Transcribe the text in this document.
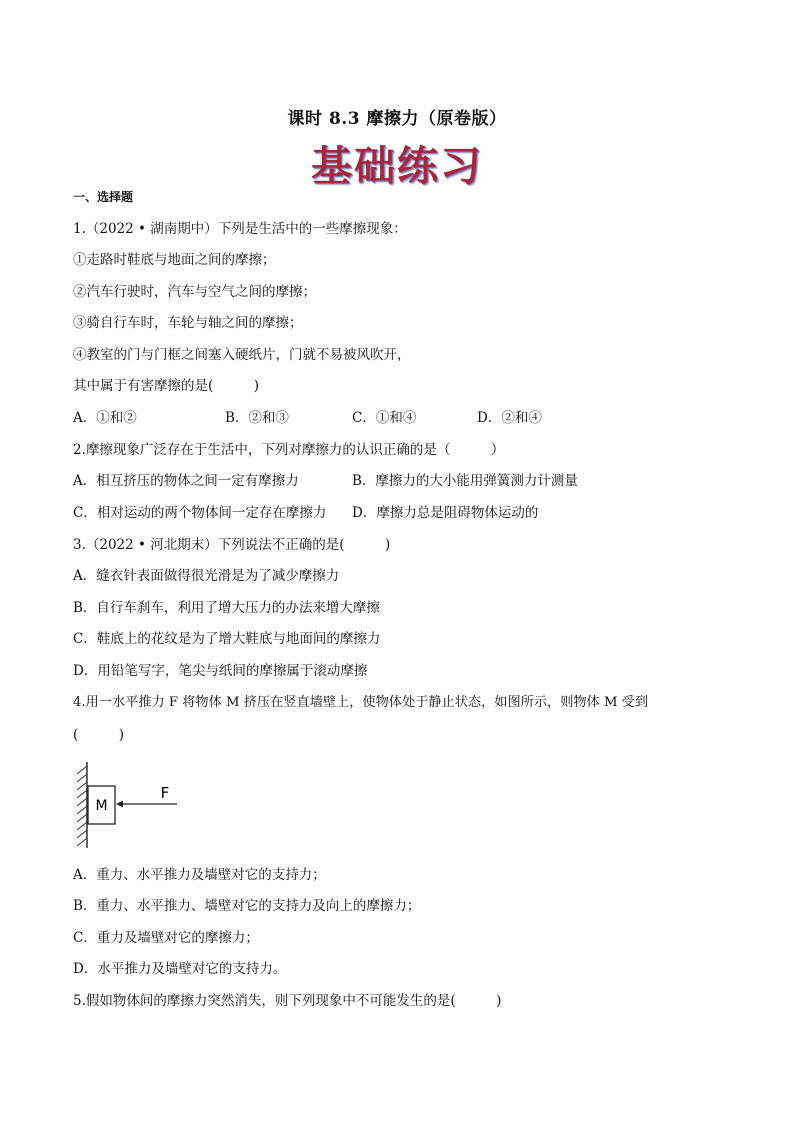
课时 8.3 摩擦力（原卷版）
基础练习
一、选择题
1.（2022 • 湖南期中）下列是生活中的一些摩擦现象：
①走路时鞋底与地面之间的摩擦；
②汽车行驶时，汽车与空气之间的摩擦；
③骑自行车时，车轮与轴之间的摩擦；
④教室的门与门框之间塞入硬纸片，门就不易被风吹开，
其中属于有害摩擦的是(　　　)
A．①和②	B．②和③	C．①和④	D．②和④
2.摩擦现象广泛存在于生活中，下列对摩擦力的认识正确的是（　　　）
A．相互挤压的物体之间一定有摩擦力	B．摩擦力的大小能用弹簧测力计测量
C．相对运动的两个物体间一定存在摩擦力 D．摩擦力总是阻碍物体运动的
3.（2022 • 河北期末）下列说法不正确的是(　　　)
A．缝衣针表面做得很光滑是为了减少摩擦力
B．自行车刹车，利用了增大压力的办法来增大摩擦
C．鞋底上的花纹是为了增大鞋底与地面间的摩擦力
D．用铅笔写字，笔尖与纸间的摩擦属于滚动摩擦
4.用一水平推力 F 将物体 M 挤压在竖直墙壁上，使物体处于静止状态，如图所示，则物体 M 受到
(　　　)
M
F
A．重力、水平推力及墙壁对它的支持力；
B．重力、水平推力、墙壁对它的支持力及向上的摩擦力；
C．重力及墙壁对它的摩擦力；
D．水平推力及墙壁对它的支持力。
5.假如物体间的摩擦力突然消失，则下列现象中不可能发生的是(　　　)
